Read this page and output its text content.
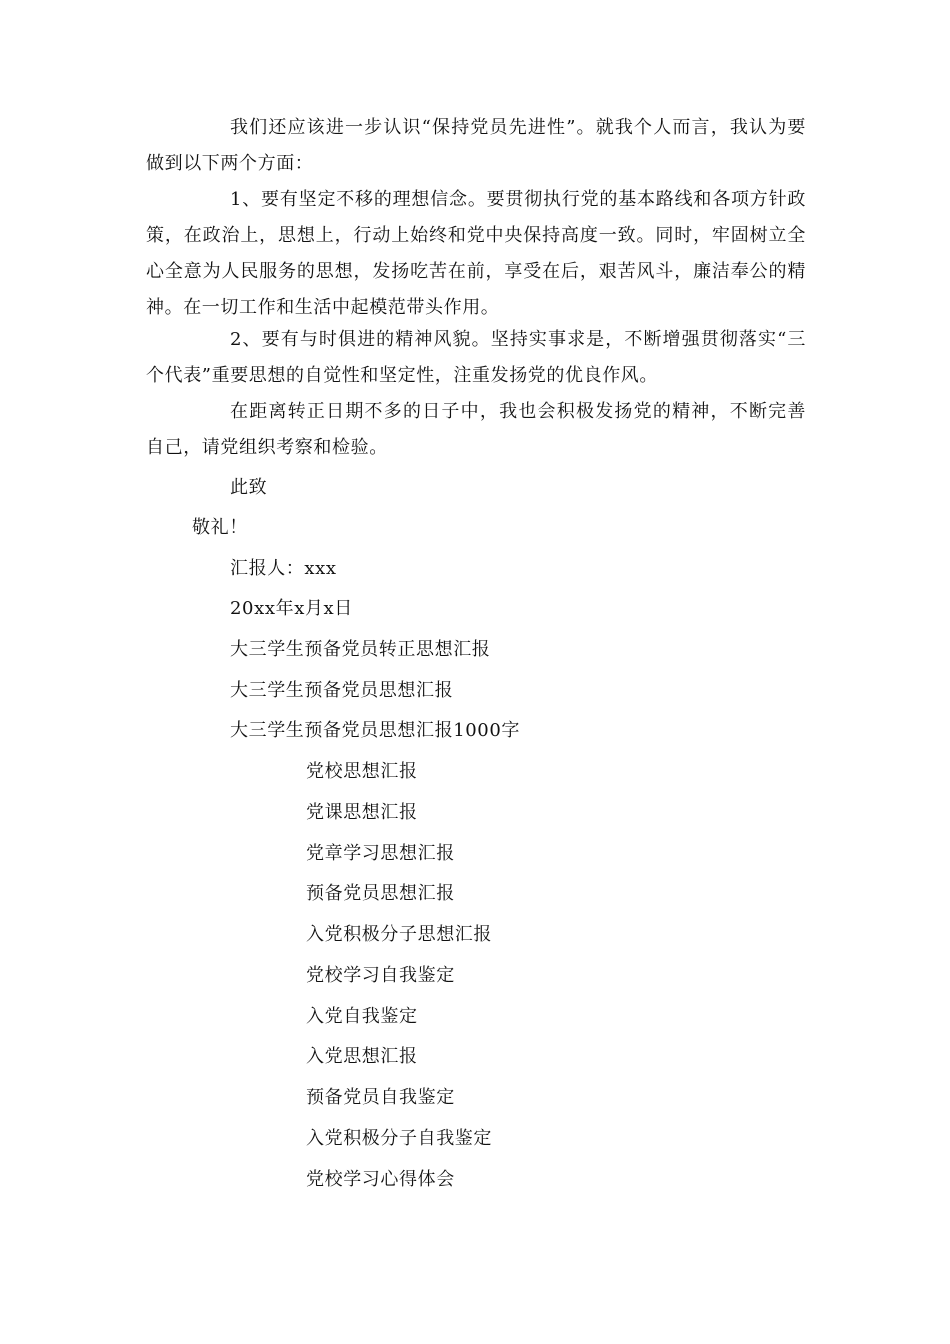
我们还应该进一步认识“保持党员先进性”。就我个人而言，我认为要做到以下两个方面：

1、要有坚定不移的理想信念。要贯彻执行党的基本路线和各项方针政策，在政治上，思想上，行动上始终和党中央保持高度一致。同时，牢固树立全心全意为人民服务的思想，发扬吃苦在前，享受在后，艰苦风斗，廉洁奉公的精神。在一切工作和生活中起模范带头作用。

2、要有与时俱进的精神风貌。坚持实事求是，不断增强贯彻落实“三个代表”重要思想的自觉性和坚定性，注重发扬党的优良作风。

在距离转正日期不多的日子中，我也会积极发扬党的精神，不断完善自己，请党组织考察和检验。

此致

敬礼！

汇报人：xxx

20xx年x月x日

大三学生预备党员转正思想汇报

大三学生预备党员思想汇报

大三学生预备党员思想汇报1000字

党校思想汇报

党课思想汇报

党章学习思想汇报

预备党员思想汇报

入党积极分子思想汇报

党校学习自我鉴定

入党自我鉴定

入党思想汇报

预备党员自我鉴定

入党积极分子自我鉴定

党校学习心得体会
